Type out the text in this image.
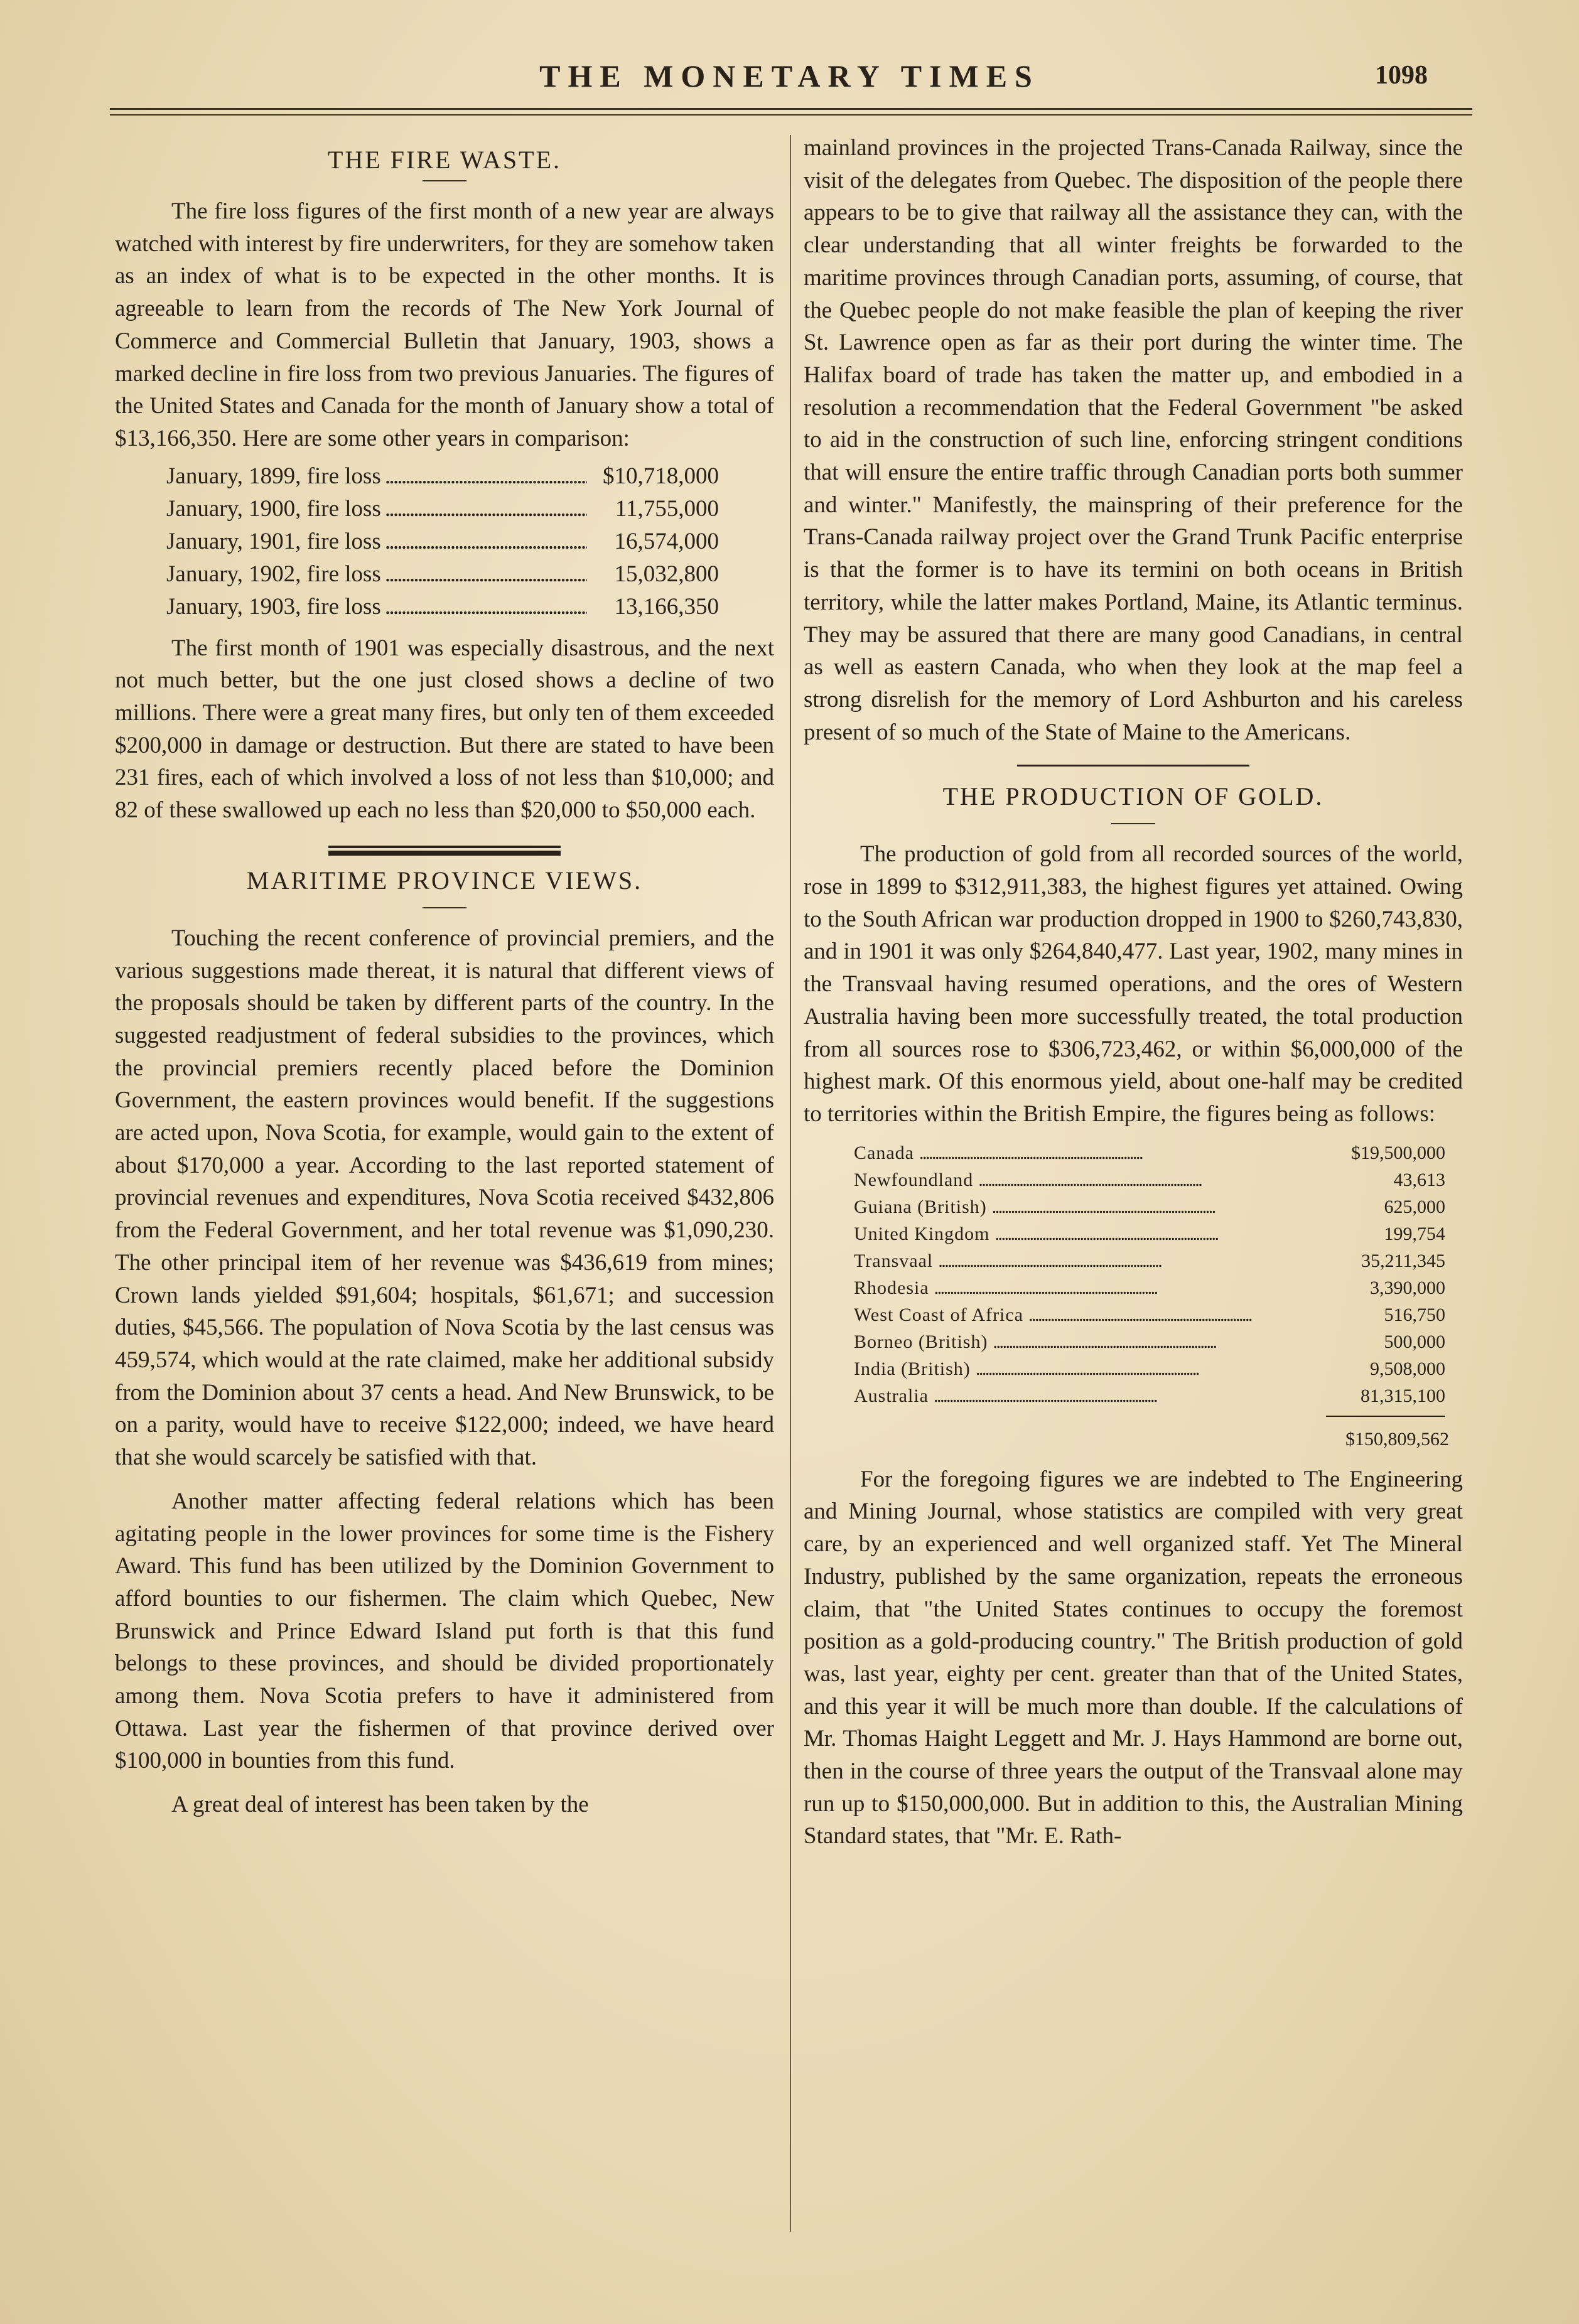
THE MONETARY TIMES	1098
THE FIRE WASTE.

The fire loss figures of the first month of a new year are always watched with interest by fire underwriters, for they are somehow taken as an index of what is to be expected in the other months. It is agreeable to learn from the records of The New York Journal of Commerce and Commercial Bulletin that January, 1903, shows a marked decline in fire loss from two previous Januaries. The figures of the United States and Canada for the month of January show a total of $13,166,350. Here are some other years in comparison:

January, 1899, fire loss . . .	$10,718,000
January, 1900, fire loss . . .	11,755,000
January, 1901, fire loss . . .	16,574,000
January, 1902, fire loss . . .	15,032,800
January, 1903, fire loss . . .	13,166,350

The first month of 1901 was especially disastrous, and the next not much better, but the one just closed shows a decline of two millions. There were a great many fires, but only ten of them exceeded $200,000 in damage or destruction. But there are stated to have been 231 fires, each of which involved a loss of not less than $10,000; and 82 of these swallowed up each no less than $20,000 to $50,000 each.

MARITIME PROVINCE VIEWS.

Touching the recent conference of provincial premiers, and the various suggestions made thereat, it is natural that different views of the proposals should be taken by different parts of the country. In the suggested readjustment of federal subsidies to the provinces, which the provincial premiers recently placed before the Dominion Government, the eastern provinces would benefit. If the suggestions are acted upon, Nova Scotia, for example, would gain to the extent of about $170,000 a year. According to the last reported statement of provincial revenues and expenditures, Nova Scotia received $432,806 from the Federal Government, and her total revenue was $1,090,230. The other principal item of her revenue was $436,619 from mines; Crown lands yielded $91,604; hospitals, $61,671; and succession duties, $45,566. The population of Nova Scotia by the last census was 459,574, which would at the rate claimed, make her additional subsidy from the Dominion about 37 cents a head. And New Brunswick, to be on a parity, would have to receive $122,000; indeed, we have heard that she would scarcely be satisfied with that.

Another matter affecting federal relations which has been agitating people in the lower provinces for some time is the Fishery Award. This fund has been utilized by the Dominion Government to afford bounties to our fishermen. The claim which Quebec, New Brunswick and Prince Edward Island put forth is that this fund belongs to these provinces, and should be divided proportionately among them. Nova Scotia prefers to have it administered from Ottawa. Last year the fishermen of that province derived over $100,000 in bounties from this fund.

A great deal of interest has been taken by the

mainland provinces in the projected Trans-Canada Railway, since the visit of the delegates from Quebec. The disposition of the people there appears to be to give that railway all the assistance they can, with the clear understanding that all winter freights be forwarded to the maritime provinces through Canadian ports, assuming, of course, that the Quebec people do not make feasible the plan of keeping the river St. Lawrence open as far as their port during the winter time. The Halifax board of trade has taken the matter up, and embodied in a resolution a recommendation that the Federal Government "be asked to aid in the construction of such line, enforcing stringent conditions that will ensure the entire traffic through Canadian ports both summer and winter." Manifestly, the mainspring of their preference for the Trans-Canada railway project over the Grand Trunk Pacific enterprise is that the former is to have its termini on both oceans in British territory, while the latter makes Portland, Maine, its Atlantic terminus. They may be assured that there are many good Canadians, in central as well as eastern Canada, who when they look at the map feel a strong disrelish for the memory of Lord Ashburton and his careless present of so much of the State of Maine to the Americans.

THE PRODUCTION OF GOLD.

The production of gold from all recorded sources of the world, rose in 1899 to $312,911,383, the highest figures yet attained. Owing to the South African war production dropped in 1900 to $260,743,830, and in 1901 it was only $264,840,477. Last year, 1902, many mines in the Transvaal having resumed operations, and the ores of Western Australia having been more successfully treated, the total production from all sources rose to $306,723,462, or within $6,000,000 of the highest mark. Of this enormous yield, about one-half may be credited to territories within the British Empire, the figures being as follows:

Canada . . .	$19,500,000
Newfoundland . . .	43,613
Guiana (British) . . .	625,000
United Kingdom . . .	199,754
Transvaal . . .	35,211,345
Rhodesia . . .	3,390,000
West Coast of Africa . . .	516,750
Borneo (British) . . .	500,000
India (British) . . .	9,508,000
Australia . . .	81,315,100
$150,809,562

For the foregoing figures we are indebted to The Engineering and Mining Journal, whose statistics are compiled with very great care, by an experienced and well organized staff. Yet The Mineral Industry, published by the same organization, repeats the erroneous claim, that "the United States continues to occupy the foremost position as a gold-producing country." The British production of gold was, last year, eighty per cent. greater than that of the United States, and this year it will be much more than double. If the calculations of Mr. Thomas Haight Leggett and Mr. J. Hays Hammond are borne out, then in the course of three years the output of the Transvaal alone may run up to $150,000,000. But in addition to this, the Australian Mining Standard states, that "Mr. E. Rath-
